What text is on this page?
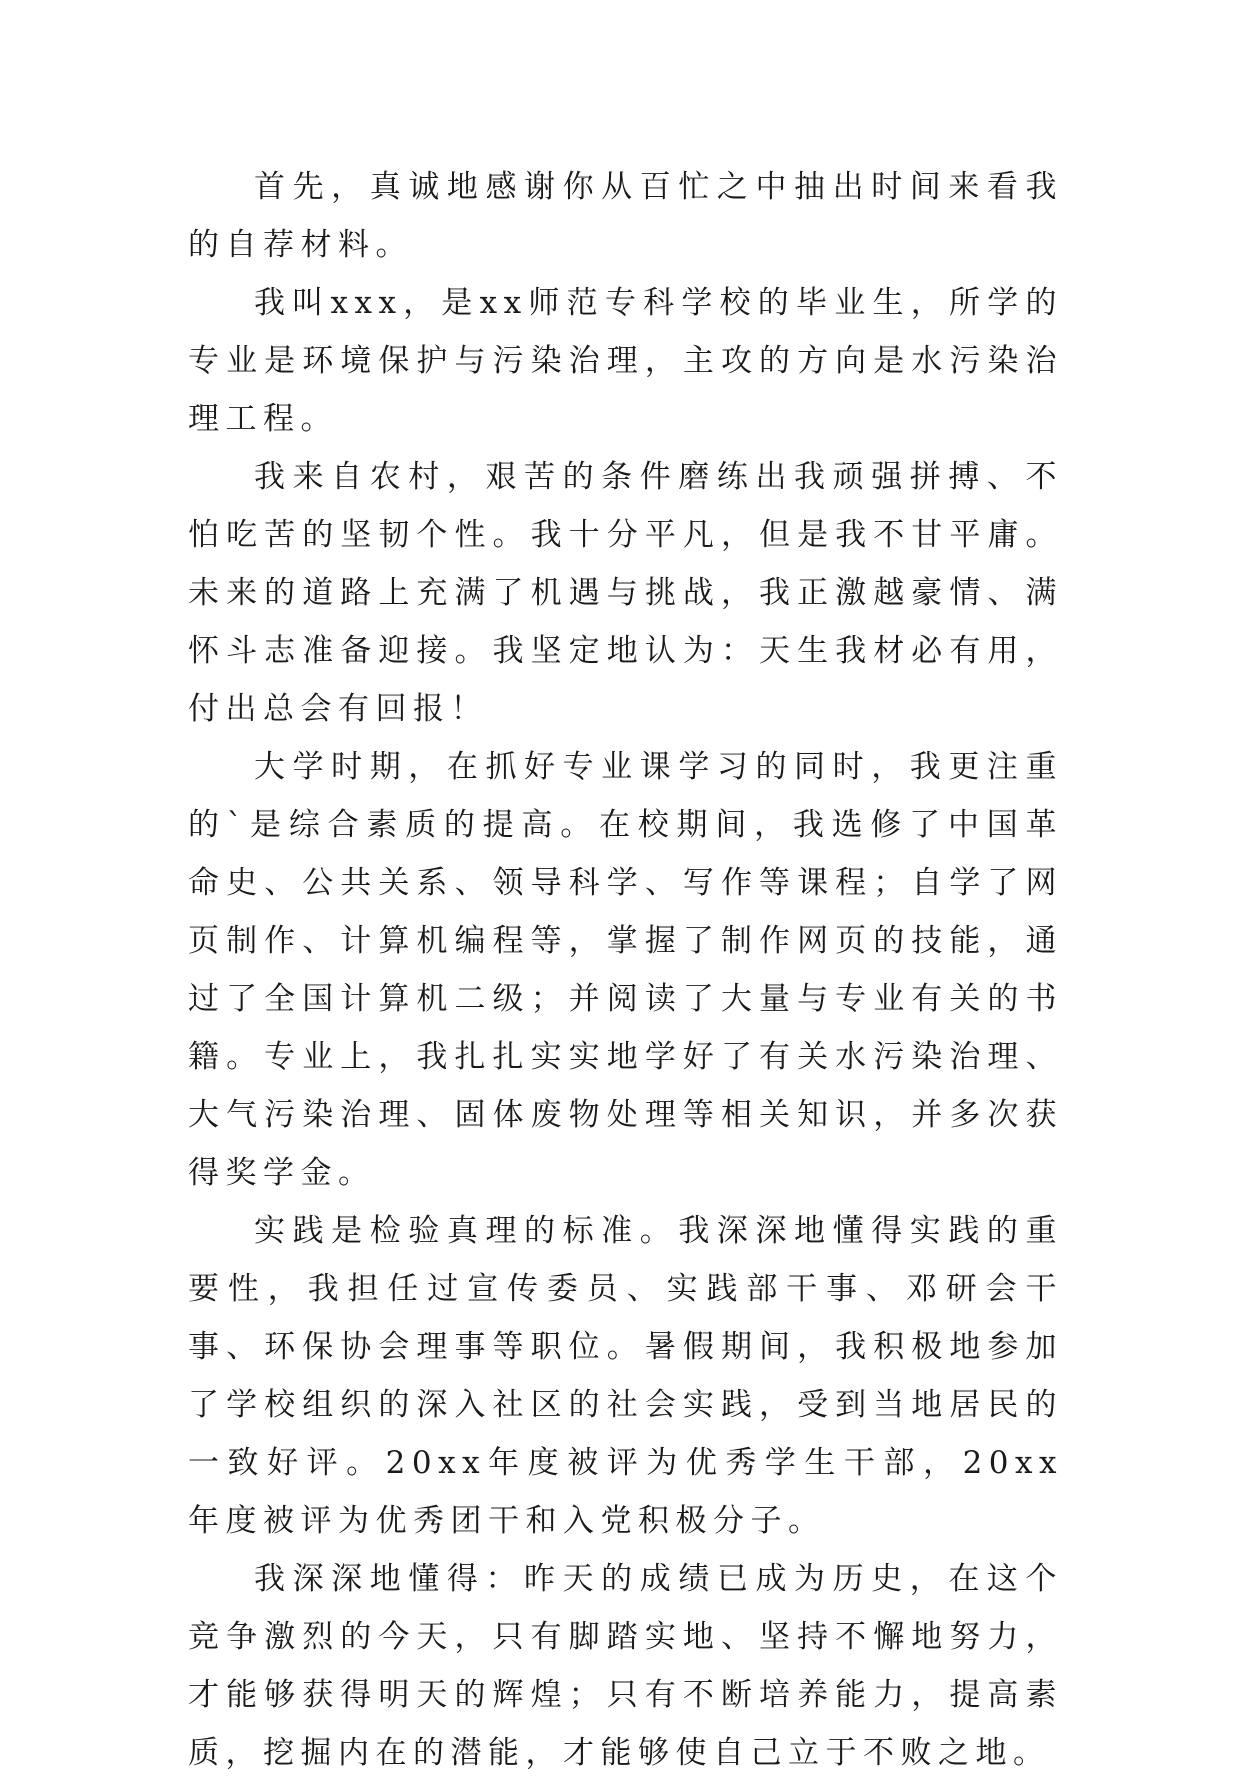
首先，真诚地感谢你从百忙之中抽出时间来看我的自荐材料。

我叫xxx，是xx师范专科学校的毕业生，所学的专业是环境保护与污染治理，主攻的方向是水污染治理工程。

我来自农村，艰苦的条件磨练出我顽强拼搏、不怕吃苦的坚韧个性。我十分平凡，但是我不甘平庸。未来的道路上充满了机遇与挑战，我正激越豪情、满怀斗志准备迎接。我坚定地认为：天生我材必有用，付出总会有回报！

大学时期，在抓好专业课学习的同时，我更注重的`是综合素质的提高。在校期间，我选修了中国革命史、公共关系、领导科学、写作等课程；自学了网页制作、计算机编程等，掌握了制作网页的技能，通过了全国计算机二级；并阅读了大量与专业有关的书籍。专业上，我扎扎实实地学好了有关水污染治理、大气污染治理、固体废物处理等相关知识，并多次获得奖学金。

实践是检验真理的标准。我深深地懂得实践的重要性，我担任过宣传委员、实践部干事、邓研会干事、环保协会理事等职位。暑假期间，我积极地参加了学校组织的深入社区的社会实践，受到当地居民的一致好评。20xx年度被评为优秀学生干部，20xx年度被评为优秀团干和入党积极分子。

我深深地懂得：昨天的成绩已成为历史，在这个竞争激烈的今天，只有脚踏实地、坚持不懈地努力，才能够获得明天的辉煌；只有不断培养能力，提高素质，挖掘内在的潜能，才能够使自己立于不败之地。
